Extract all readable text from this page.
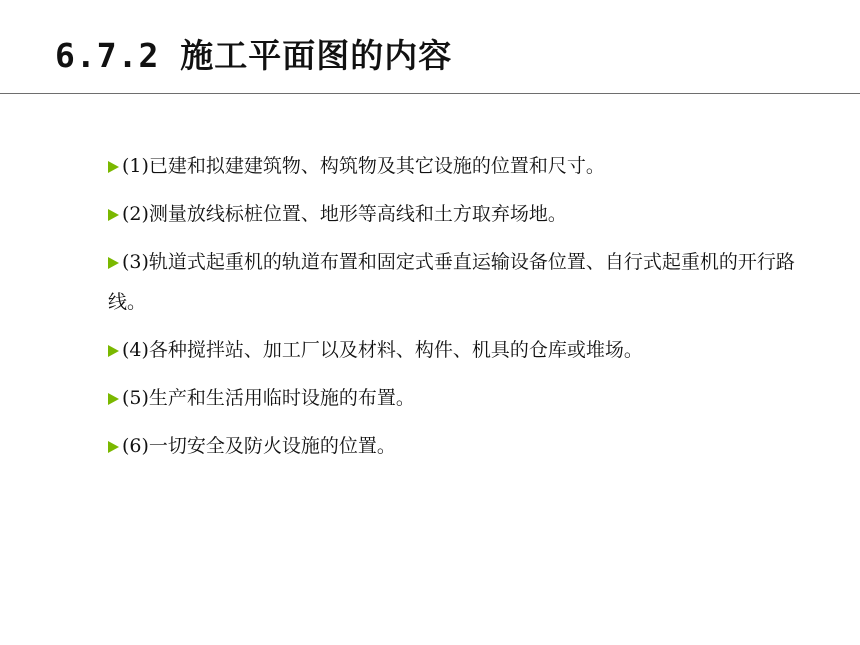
6.7.2 施工平面图的内容
(1)已建和拟建建筑物、构筑物及其它设施的位置和尺寸。
(2)测量放线标桩位置、地形等高线和土方取弃场地。
(3)轨道式起重机的轨道布置和固定式垂直运输设备位置、自行式起重机的开行路线。
(4)各种搅拌站、加工厂以及材料、构件、机具的仓库或堆场。
(5)生产和生活用临时设施的布置。
(6)一切安全及防火设施的位置。
